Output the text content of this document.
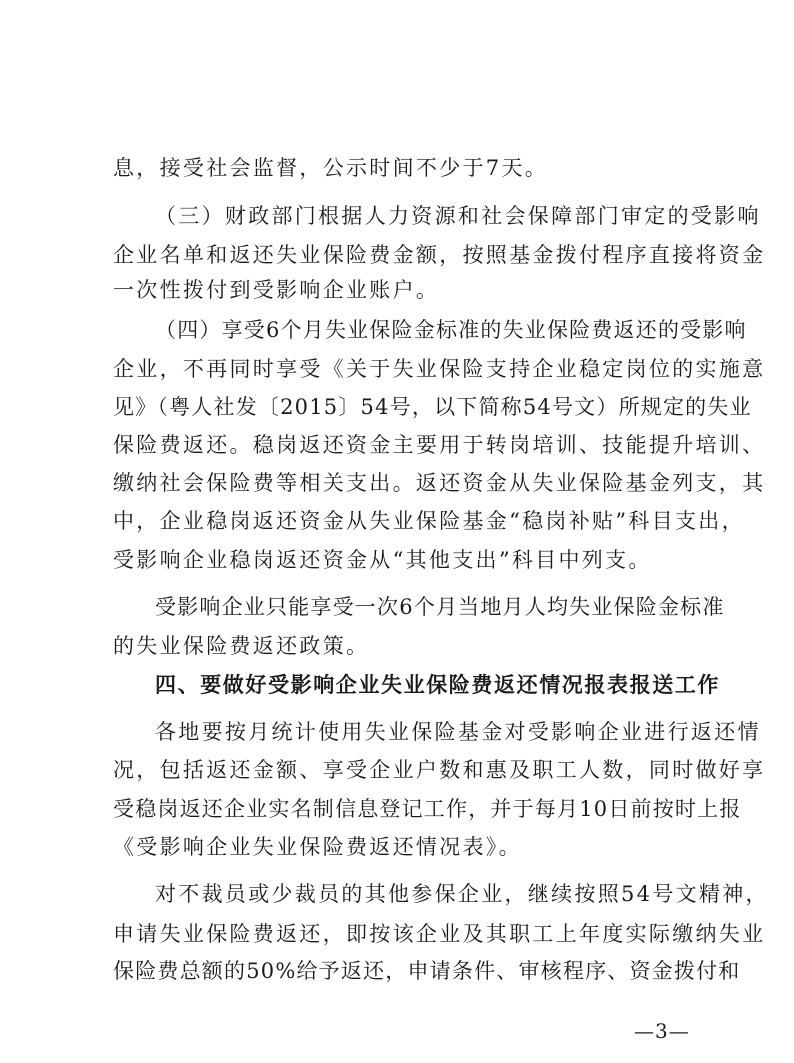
息，接受社会监督，公示时间不少于7天。
（三）财政部门根据人力资源和社会保障部门审定的受影响
企业名单和返还失业保险费金额，按照基金拨付程序直接将资金
一次性拨付到受影响企业账户。
（四）享受6个月失业保险金标准的失业保险费返还的受影响
企业，不再同时享受《关于失业保险支持企业稳定岗位的实施意
见》（粤人社发〔2015〕54号，以下简称54号文）所规定的失业
保险费返还。稳岗返还资金主要用于转岗培训、技能提升培训、
缴纳社会保险费等相关支出。返还资金从失业保险基金列支，其
中，企业稳岗返还资金从失业保险基金“稳岗补贴”科目支出，
受影响企业稳岗返还资金从“其他支出”科目中列支。
受影响企业只能享受一次6个月当地月人均失业保险金标准
的失业保险费返还政策。
四、要做好受影响企业失业保险费返还情况报表报送工作
各地要按月统计使用失业保险基金对受影响企业进行返还情
况，包括返还金额、享受企业户数和惠及职工人数，同时做好享
受稳岗返还企业实名制信息登记工作，并于每月10日前按时上报
《受影响企业失业保险费返还情况表》。
对不裁员或少裁员的其他参保企业，继续按照54号文精神，
申请失业保险费返还，即按该企业及其职工上年度实际缴纳失业
保险费总额的50%给予返还，申请条件、审核程序、资金拨付和
—3—
